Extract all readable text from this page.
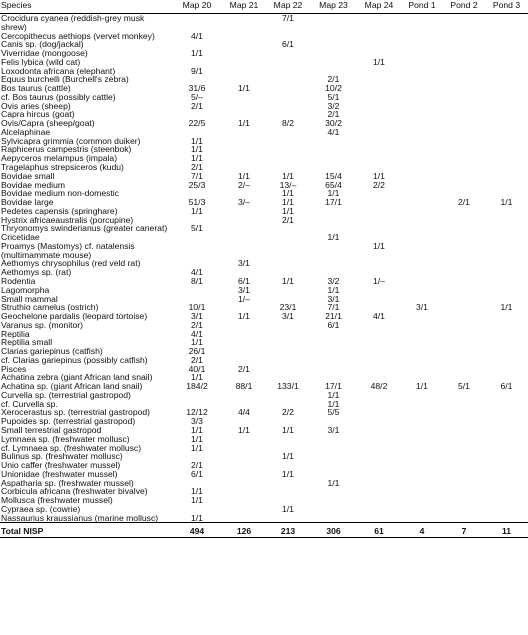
Species	Map 20	Map 21	Map 22	Map 23	Map 24	Pond 1	Pond 2	Pond 3

Crocidura cyanea (reddish-grey musk shrew)			7/1					

Cercopithecus aethiops (vervet monkey)	4/1							

Canis sp. (dog/jackal)			6/1					

Viverridae (mongoose)	1/1							

Felis lybica (wild cat)					1/1			

Loxodonta africana (elephant)	9/1							

Equus burchelli (Burchell's zebra)				2/1				

Bos taurus (cattle)	31/6	1/1		10/2				

cf. Bos taurus (possibly cattle)	5/–			5/1				

Ovis aries (sheep)	2/1			3/2				

Capra hircus (goat)				2/1				

Ovis/Capra (sheep/goat)	22/5	1/1	8/2	30/2				

Alcelaphinae				4/1				

Sylvicapra grimmia (common duiker)	1/1							

Raphicerus campestris (steenbok)	1/1							

Aepyceros melampus (impala)	1/1							

Tragelaphus strepsiceros (kudu)	2/1							

Bovidae small	7/1	1/1	1/1	15/4	1/1			

Bovidae medium	25/3	2/–	13/–	65/4	2/2			

Bovidae medium non-domestic			1/1	1/1				

Bovidae large	51/3	3/–	1/1	17/1			2/1	1/1

Pedetes capensis (springhare)	1/1		1/1					

Hystrix africaeaustralis (porcupine)			2/1					

Thryonomys swinderianus (greater canerat)	5/1							

Cricetidae				1/1				

Proamys (Mastomys) cf. natalensis (multimammate mouse)					1/1			

Aethomys chrysophilus (red veld rat)		3/1						

Aethomys sp. (rat)	4/1							

Rodentia	8/1	6/1	1/1	3/2	1/–			

Lagomorpha		3/1		1/1				

Small mammal		1/–		3/1				

Struthio camelus (ostrich)	10/1		23/1	7/1		3/1		1/1

Geochelone pardalis (leopard tortoise)	3/1	1/1	3/1	21/1	4/1			

Varanus sp. (monitor)	2/1			6/1				

Reptilia	4/1							

Reptilia small	1/1							

Clarias gariepinus (catfish)	26/1							

cf. Clarias gariepinus (possibly catfish)	2/1							

Pisces	40/1	2/1						

Achatina zebra (giant African land snail)	1/1							

Achatina sp. (giant African land snail)	184/2	88/1	133/1	17/1	48/2	1/1	5/1	6/1

Curvella sp. (terrestrial gastropod)				1/1				

cf. Curvella sp.				1/1				

Xerocerastus sp. (terrestrial gastropod)	12/12	4/4	2/2	5/5				

Pupoides sp. (terrestrial gastropod)	3/3							

Small terrestrial gastropod	1/1	1/1	1/1	3/1				

Lymnaea sp. (freshwater mollusc)	1/1							

cf. Lymnaea sp. (freshwater mollusc)	1/1							

Bulinus sp. (freshwater mollusc)			1/1					

Unio caffer (freshwater mussel)	2/1							

Unionidae (freshwater mussel)	6/1		1/1					

Aspatharia sp. (freshwater mussel)				1/1				

Corbicula africana (freshwater bivalve)	1/1							

Mollusca (freshwater mussel)	1/1							

Cypraea sp. (cowrie)			1/1					

Nassaurius kraussianus (marine mollusc)	1/1							
Total NISP	494	126	213	306	61	4	7	11
